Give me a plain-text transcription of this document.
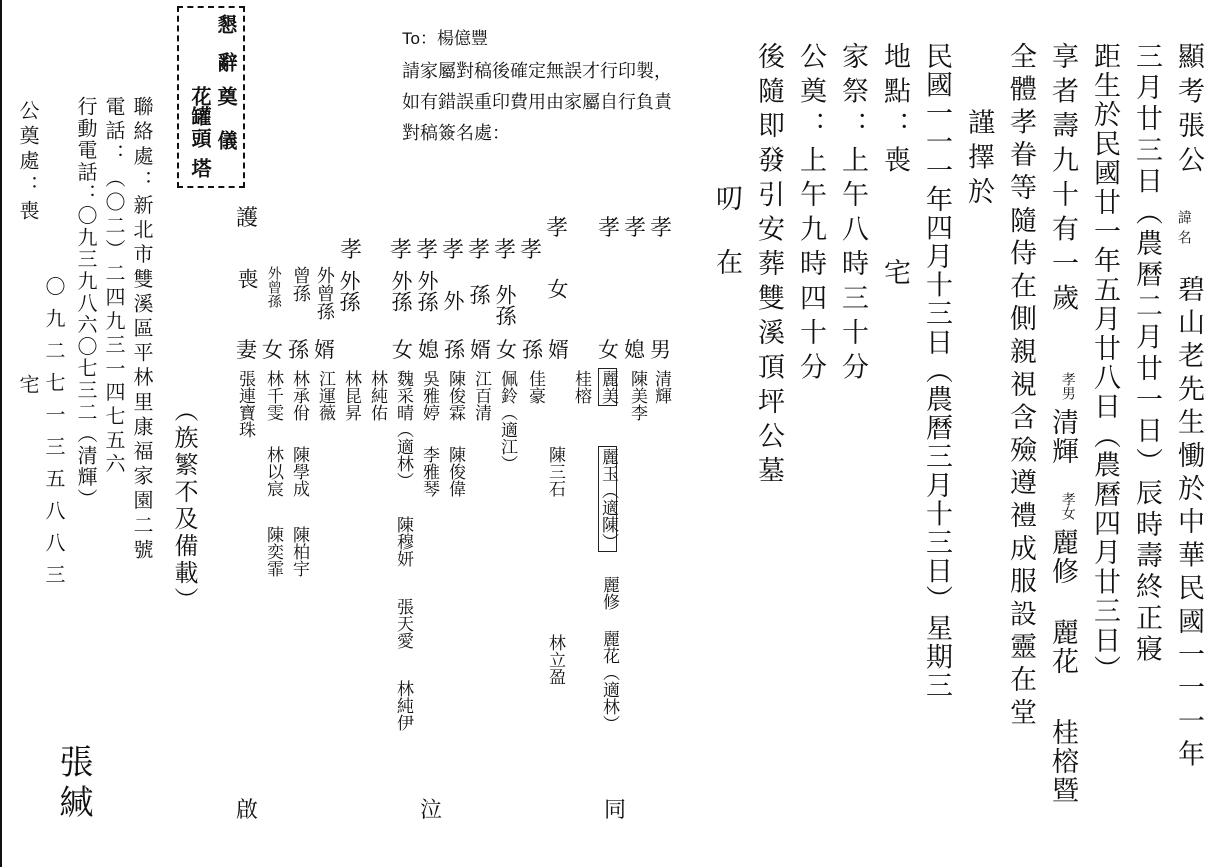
顯考張公
諱名
碧山老先生慟於中華民國一一一年
三月廿三日（農曆二月廿一日）辰時壽終正寢
距生於民國廿一年五月廿八日（農曆四月廿三日）
享者壽九十有一歲
孝男
清輝
孝女
麗修
麗花
桂榕暨
全體孝眷等隨侍在側親視含殮遵禮成服設靈在堂
謹擇於
民國一一一年四月十三日（農曆三月十三日）星期三
地點：喪
宅
家祭：上午八時三十分
公奠：上午九時四十分
後隨即發引安葬雙溪頂坪公墓
叨
在
To：楊億豐
請家屬對稿後確定無誤才行印製，
如有錯誤重印費用由家屬自行負責
對稿簽名處：
懇
辭
奠儀
花罐
頭
塔
護
孝 孝 孝 孝 孝 孝 孝
孝 孝 孝 孝
女
外孫
孫
外
外孫
外孫
外孫
外曾孫
曾孫
外曾孫
喪
妻 女 孫 婿	女 媳 孫 婿 女 孫 婿 女 媳 男
清輝
陳美李
麗美
桂榕
佳豪
佩鈴（適江）
江百清
陳俊霖
吳雅婷
魏采晴（適林）
林純佑
林昆昇
江運薇
林承佾
林千雯
張連寶珠
麗玉（適陳）
麗修
麗花（適林）
陳三石
林立盈
陳俊偉
李雅琴
陳穆妍
張天愛
林純伊
陳學成
陳柏宇
林以宸
陳奕霏
（族繁不及備載）
聯絡處：新北市雙溪區平林里康福家園二號
電話：（〇二）二四九三一四七五六
行動電話：〇九三九八六〇七三二（清輝）
公奠處：喪
〇九二七一三五八八三
宅
張緘	同
泣
啟
